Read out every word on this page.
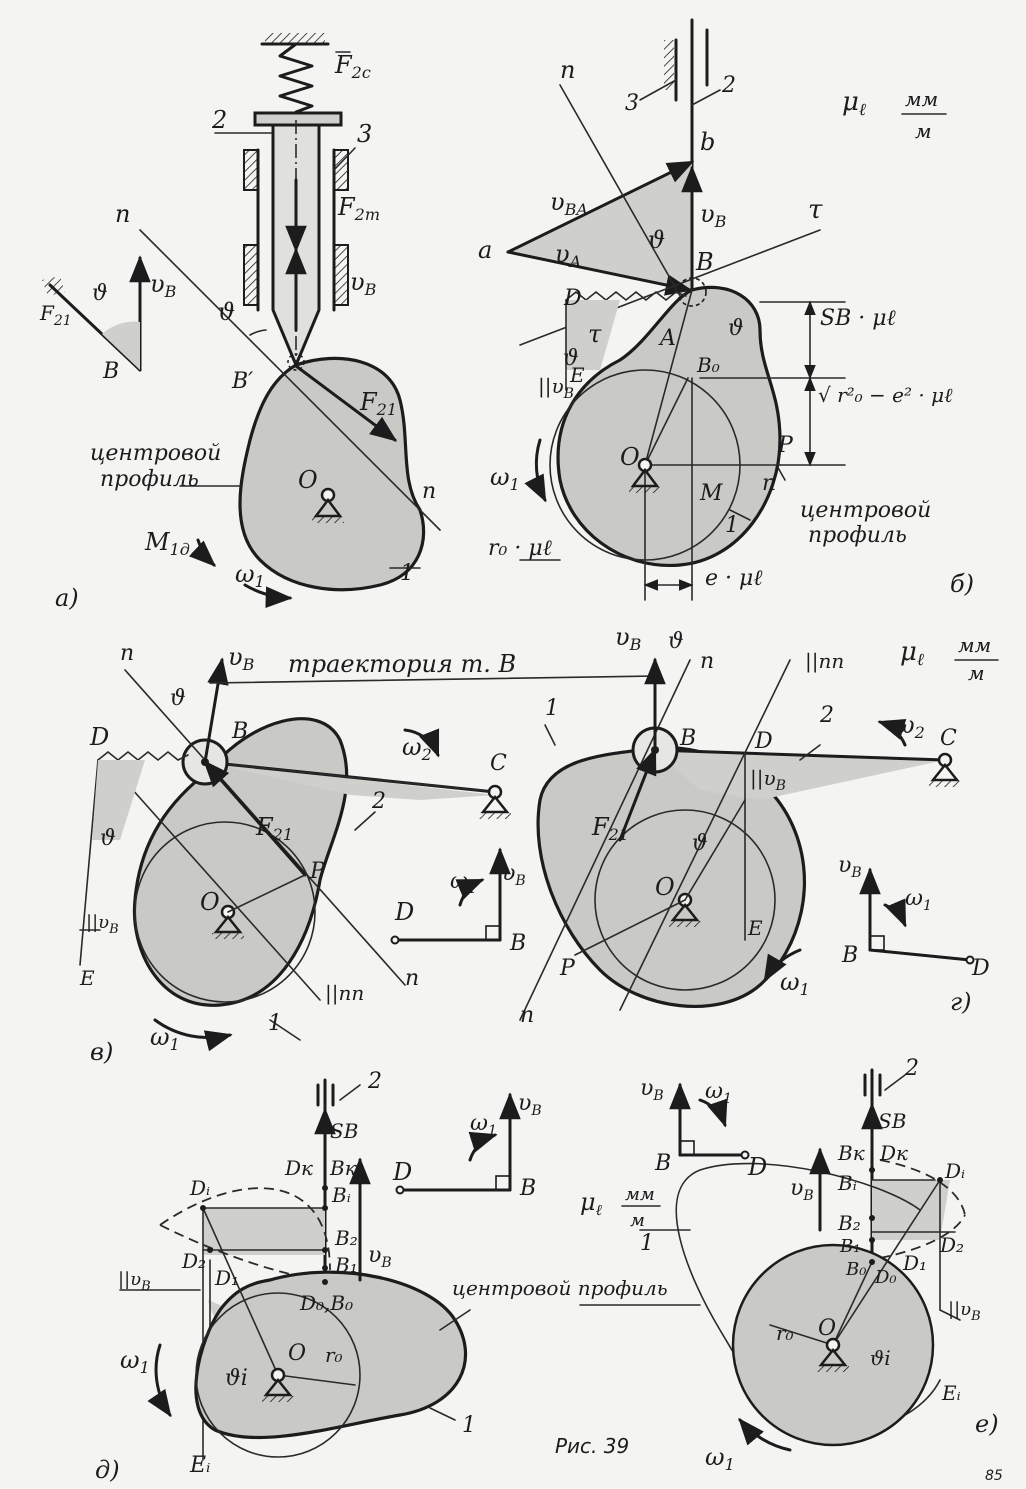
$F_{2c}$
2	3
$F_{2т}$
n
$\upsilon_B$
ϑ
B′
$F_{21}$
центровой
профиль	O	n
1
$M_{1д}$
$\omega_1$
а)
ϑ $\upsilon_B$
$F_{21}$
B
n
3
2
μℓ мм
м
b
$\upsilon_{BA}$	$\upsilon_B$	τ
a	$\upsilon_A$
ϑ
B
D
SB · μℓ
τ	A ϑ
ϑ	B₀
$||\upsilon_B$
E
√ r²₀ − e² · μℓ
P
O
n
M
$\omega_1$
1
центровой
профиль
r₀ · μℓ
e · μℓ	б)
n	$\upsilon_B$ траектория т. B
ϑ
D	B
$\omega_2$	C
2
$F_{21}$
ϑ
$\upsilon_B$
$\omega_1$
P
O	D
B
$||\upsilon_B$
E	n
||nn
1
$\omega_1$
в)
$\upsilon_B$ ϑ
n	||nn μℓ
мм
м
1	2	$\omega_2$
B	D	C
$||\upsilon_B$
$F_{21}$	ϑ
O
$\upsilon_B$
$\omega_1$
E
B
D
P	$\omega_1$
n	г)
2
SB	$\omega_1$
$\upsilon_B$
Dк Bк
Dᵢ	Bᵢ
D
B
B₂
$\upsilon_B$
D₂	B₁
D₁	центровой профиль
$||\upsilon_B$
D₀,B₀
O r₀
$\omega_1$	ϑi
1
Eᵢ
д)
Рис. 39
2
$\upsilon_B$ $\omega_1$
SB
B	D	Bк Dк
Dᵢ
$\upsilon_B$
Bᵢ
$\mu_\ell$
мм
м
1
B₂
B₁	D₂
B₀ D₀
D₁
$||\upsilon_B$
r₀ O
ϑi
Eᵢ
$\omega_1$
е)
85
